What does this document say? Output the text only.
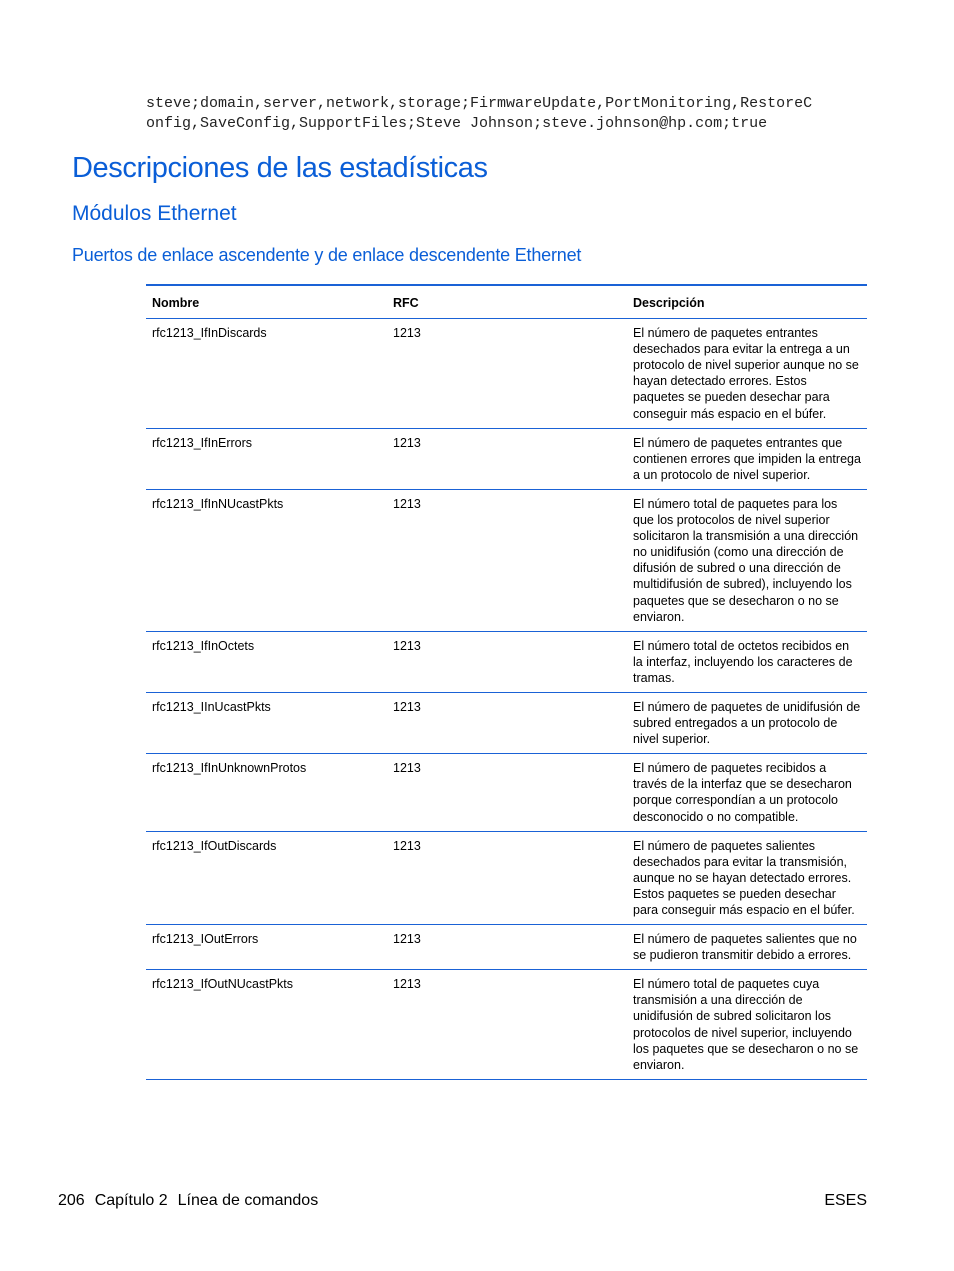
steve;domain,server,network,storage;FirmwareUpdate,PortMonitoring,RestoreC
onfig,SaveConfig,SupportFiles;Steve Johnson;steve.johnson@hp.com;true
Descripciones de las estadísticas
Módulos Ethernet
Puertos de enlace ascendente y de enlace descendente Ethernet
Nombre	RFC	Descripción
rfc1213_IfInDiscards	1213	El número de paquetes entrantes desechados para evitar la entrega a un protocolo de nivel superior aunque no se hayan detectado errores. Estos paquetes se pueden desechar para conseguir más espacio en el búfer.
rfc1213_IfInErrors	1213	El número de paquetes entrantes que contienen errores que impiden la entrega a un protocolo de nivel superior.
rfc1213_IfInNUcastPkts	1213	El número total de paquetes para los que los protocolos de nivel superior solicitaron la transmisión a una dirección no unidifusión (como una dirección de difusión de subred o una dirección de multidifusión de subred), incluyendo los paquetes que se desecharon o no se enviaron.
rfc1213_IfInOctets	1213	El número total de octetos recibidos en la interfaz, incluyendo los caracteres de tramas.
rfc1213_IInUcastPkts	1213	El número de paquetes de unidifusión de subred entregados a un protocolo de nivel superior.
rfc1213_IfInUnknownProtos	1213	El número de paquetes recibidos a través de la interfaz que se desecharon porque correspondían a un protocolo desconocido o no compatible.
rfc1213_IfOutDiscards	1213	El número de paquetes salientes desechados para evitar la transmisión, aunque no se hayan detectado errores. Estos paquetes se pueden desechar para conseguir más espacio en el búfer.
rfc1213_IOutErrors	1213	El número de paquetes salientes que no se pudieron transmitir debido a errores.
rfc1213_IfOutNUcastPkts	1213	El número total de paquetes cuya transmisión a una dirección de unidifusión de subred solicitaron los protocolos de nivel superior, incluyendo los paquetes que se desecharon o no se enviaron.
206 Capítulo 2 Línea de comandos	ESES
